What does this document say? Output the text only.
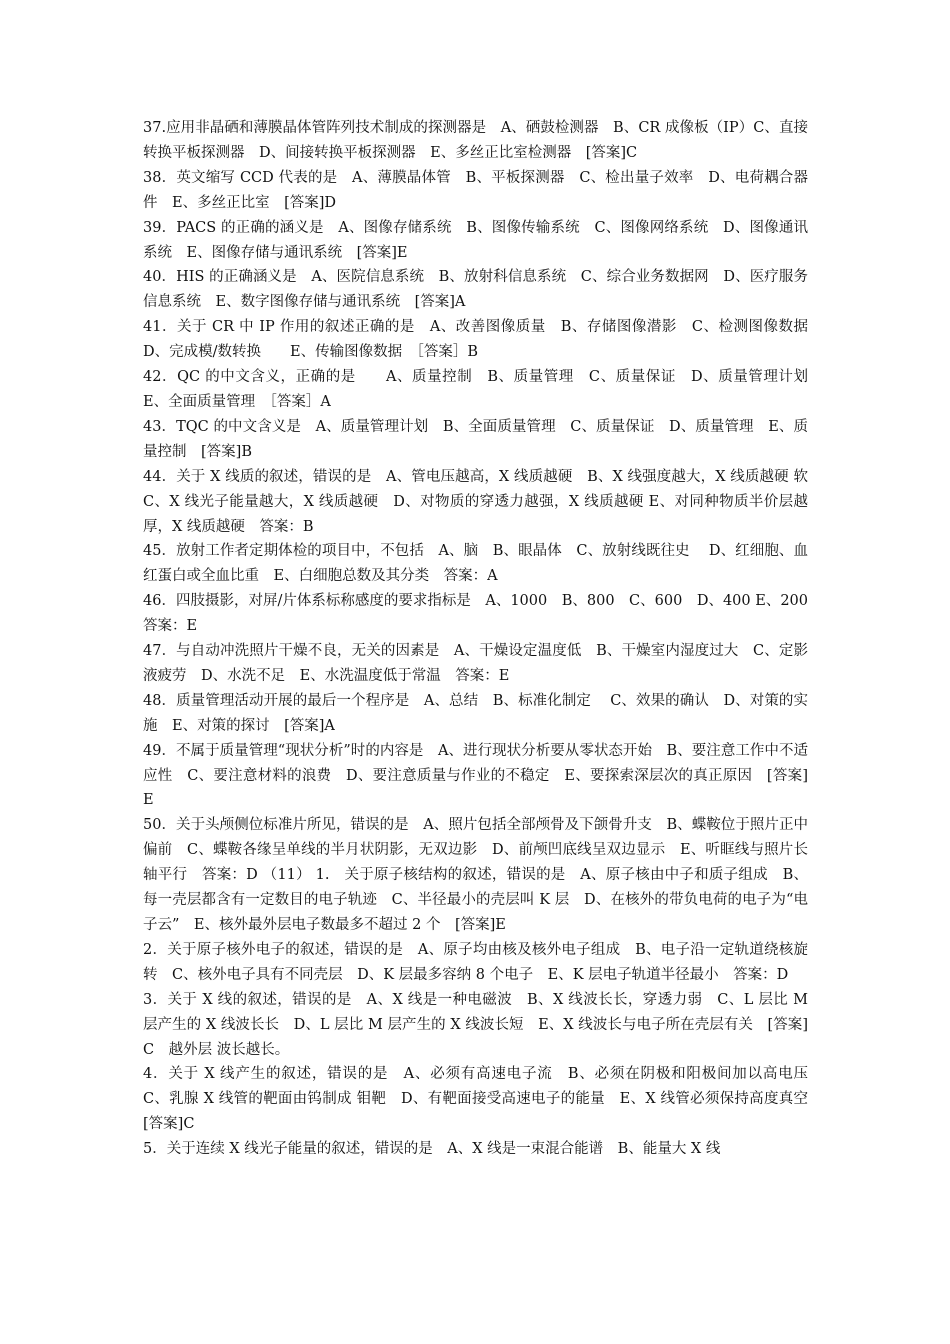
37.应用非晶硒和薄膜晶体管阵列技术制成的探测器是　A、硒鼓检测器　B、CR 成像板（IP）C、直接转换平板探测器　D、间接转换平板探测器　E、多丝正比室检测器　[答案]C

38．英文缩写 CCD 代表的是　A、薄膜晶体管　B、平板探测器　C、检出量子效率　D、电荷耦合器件　E、多丝正比室　[答案]D

39．PACS 的正确的涵义是　A、图像存储系统　B、图像传输系统　C、图像网络系统　D、图像通讯系统　E、图像存储与通讯系统　[答案]E

40．HIS 的正确涵义是　A、医院信息系统　B、放射科信息系统　C、综合业务数据网　D、医疗服务信息系统　E、数字图像存储与通讯系统　[答案]A

41．关于 CR 中 IP 作用的叙述正确的是　A、改善图像质量　B、存储图像潜影　C、检测图像数据　　D、完成模/数转换　　E、传输图像数据　［答案］B

42．QC 的中文含义，正确的是　　A、质量控制　B、质量管理　C、质量保证　D、质量管理计划　E、全面质量管理　［答案］A

43．TQC 的中文含义是　A、质量管理计划　B、全面质量管理　C、质量保证　D、质量管理　E、质量控制　[答案]B

44．关于 X 线质的叙述，错误的是　A、管电压越高，X 线质越硬　B、X 线强度越大，X 线质越硬 软　C、X 线光子能量越大，X 线质越硬　D、对物质的穿透力越强，X 线质越硬 E、对同种物质半价层越厚，X 线质越硬　答案：B

45．放射工作者定期体检的项目中，不包括　A、脑　B、眼晶体　C、放射线既往史 　D、红细胞、血红蛋白或全血比重　E、白细胞总数及其分类　答案：A

46．四肢摄影，对屏/片体系标称感度的要求指标是　A、1000　B、800　C、600　D、400 E、200　答案：E

47．与自动冲洗照片干燥不良，无关的因素是　A、干燥设定温度低　B、干燥室内湿度过大　C、定影液疲劳　D、水洗不足　E、水洗温度低于常温　答案：E

48．质量管理活动开展的最后一个程序是　A、总结　B、标准化制定　 C、效果的确认　D、对策的实施　E、对策的探讨　[答案]A

49．不属于质量管理“现状分析”时的内容是　A、进行现状分析要从零状态开始　B、要注意工作中不适应性　C、要注意材料的浪费　D、要注意质量与作业的不稳定　E、要探索深层次的真正原因　[答案] E

50．关于头颅侧位标准片所见，错误的是　A、照片包括全部颅骨及下颌骨升支　B、蝶鞍位于照片正中偏前　C、蝶鞍各缘呈单线的半月状阴影，无双边影　D、前颅凹底线呈双边显示　E、听眶线与照片长轴平行　答案：D （11） 1.　关于原子核结构的叙述，错误的是　A、原子核由中子和质子组成　B、每一壳层都含有一定数目的电子轨迹　C、半径最小的壳层叫 K 层　D、在核外的带负电荷的电子为“电子云”　E、核外最外层电子数最多不超过 2 个　[答案]E

2．关于原子核外电子的叙述，错误的是　A、原子均由核及核外电子组成　B、电子沿一定轨道绕核旋转　C、核外电子具有不同壳层　D、K 层最多容纳 8 个电子　E、K 层电子轨道半径最小　答案：D

3．关于 X 线的叙述，错误的是　A、X 线是一种电磁波　B、X 线波长长，穿透力弱　C、L 层比 M 层产生的 X 线波长长　D、L 层比 M 层产生的 X 线波长短　E、X 线波长与电子所在壳层有关　[答案]C　越外层 波长越长。

4．关于 X 线产生的叙述，错误的是　A、必须有高速电子流　B、必须在阴极和阳极间加以高电压　C、乳腺 X 线管的靶面由钨制成 钼靶　D、有靶面接受高速电子的能量　E、X 线管必须保持高度真空　[答案]C

5．关于连续 X 线光子能量的叙述，错误的是　A、X 线是一束混合能谱　B、能量大 X 线
